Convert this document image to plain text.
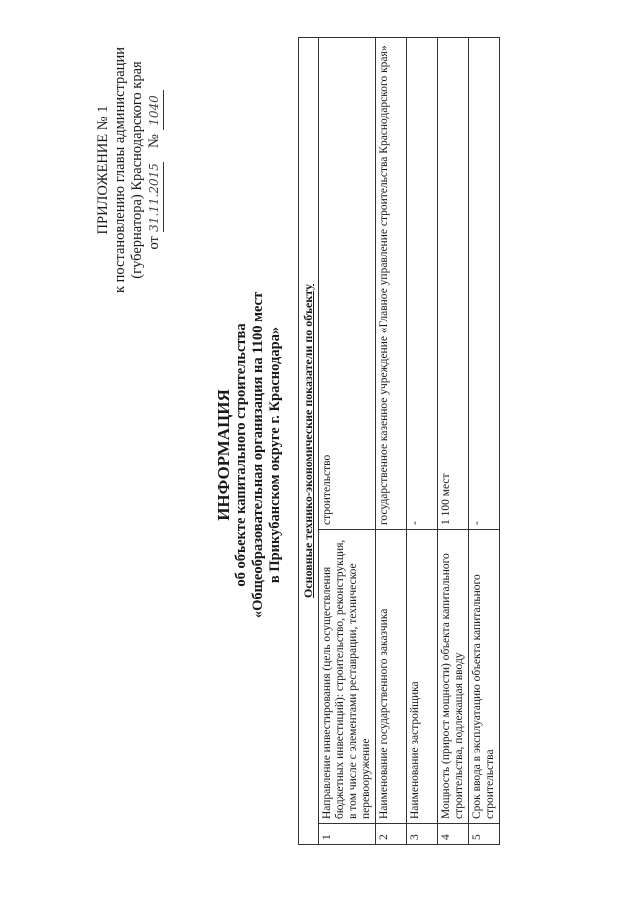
ПРИЛОЖЕНИЕ № 1 к постановлению главы администрации (губернатора) Краснодарского края от 31.11.2015    № 1040
ИНФОРМАЦИЯ об объекте капитального строительства «Общеобразовательная организация на 1100 мест в Прикубанском округе г. Краснодара» Основные технико-экономические показатели по объекту		
1	Направление инвестирования (цель осуществления бюджетных инвестиций): строительство, реконструкция, в том числе с элементами реставрации, техническое перевооружение	строительство
2	Наименование государственного заказчика	государственное казенное учреждение «Главное управление строительства Краснодарского края»
3	Наименование застройщика	-
4	Мощность (прирост мощности) объекта капитального строительства, подлежащая вводу	1 100 мест
5	Срок ввода в эксплуатацию объекта капитального строительства	-
